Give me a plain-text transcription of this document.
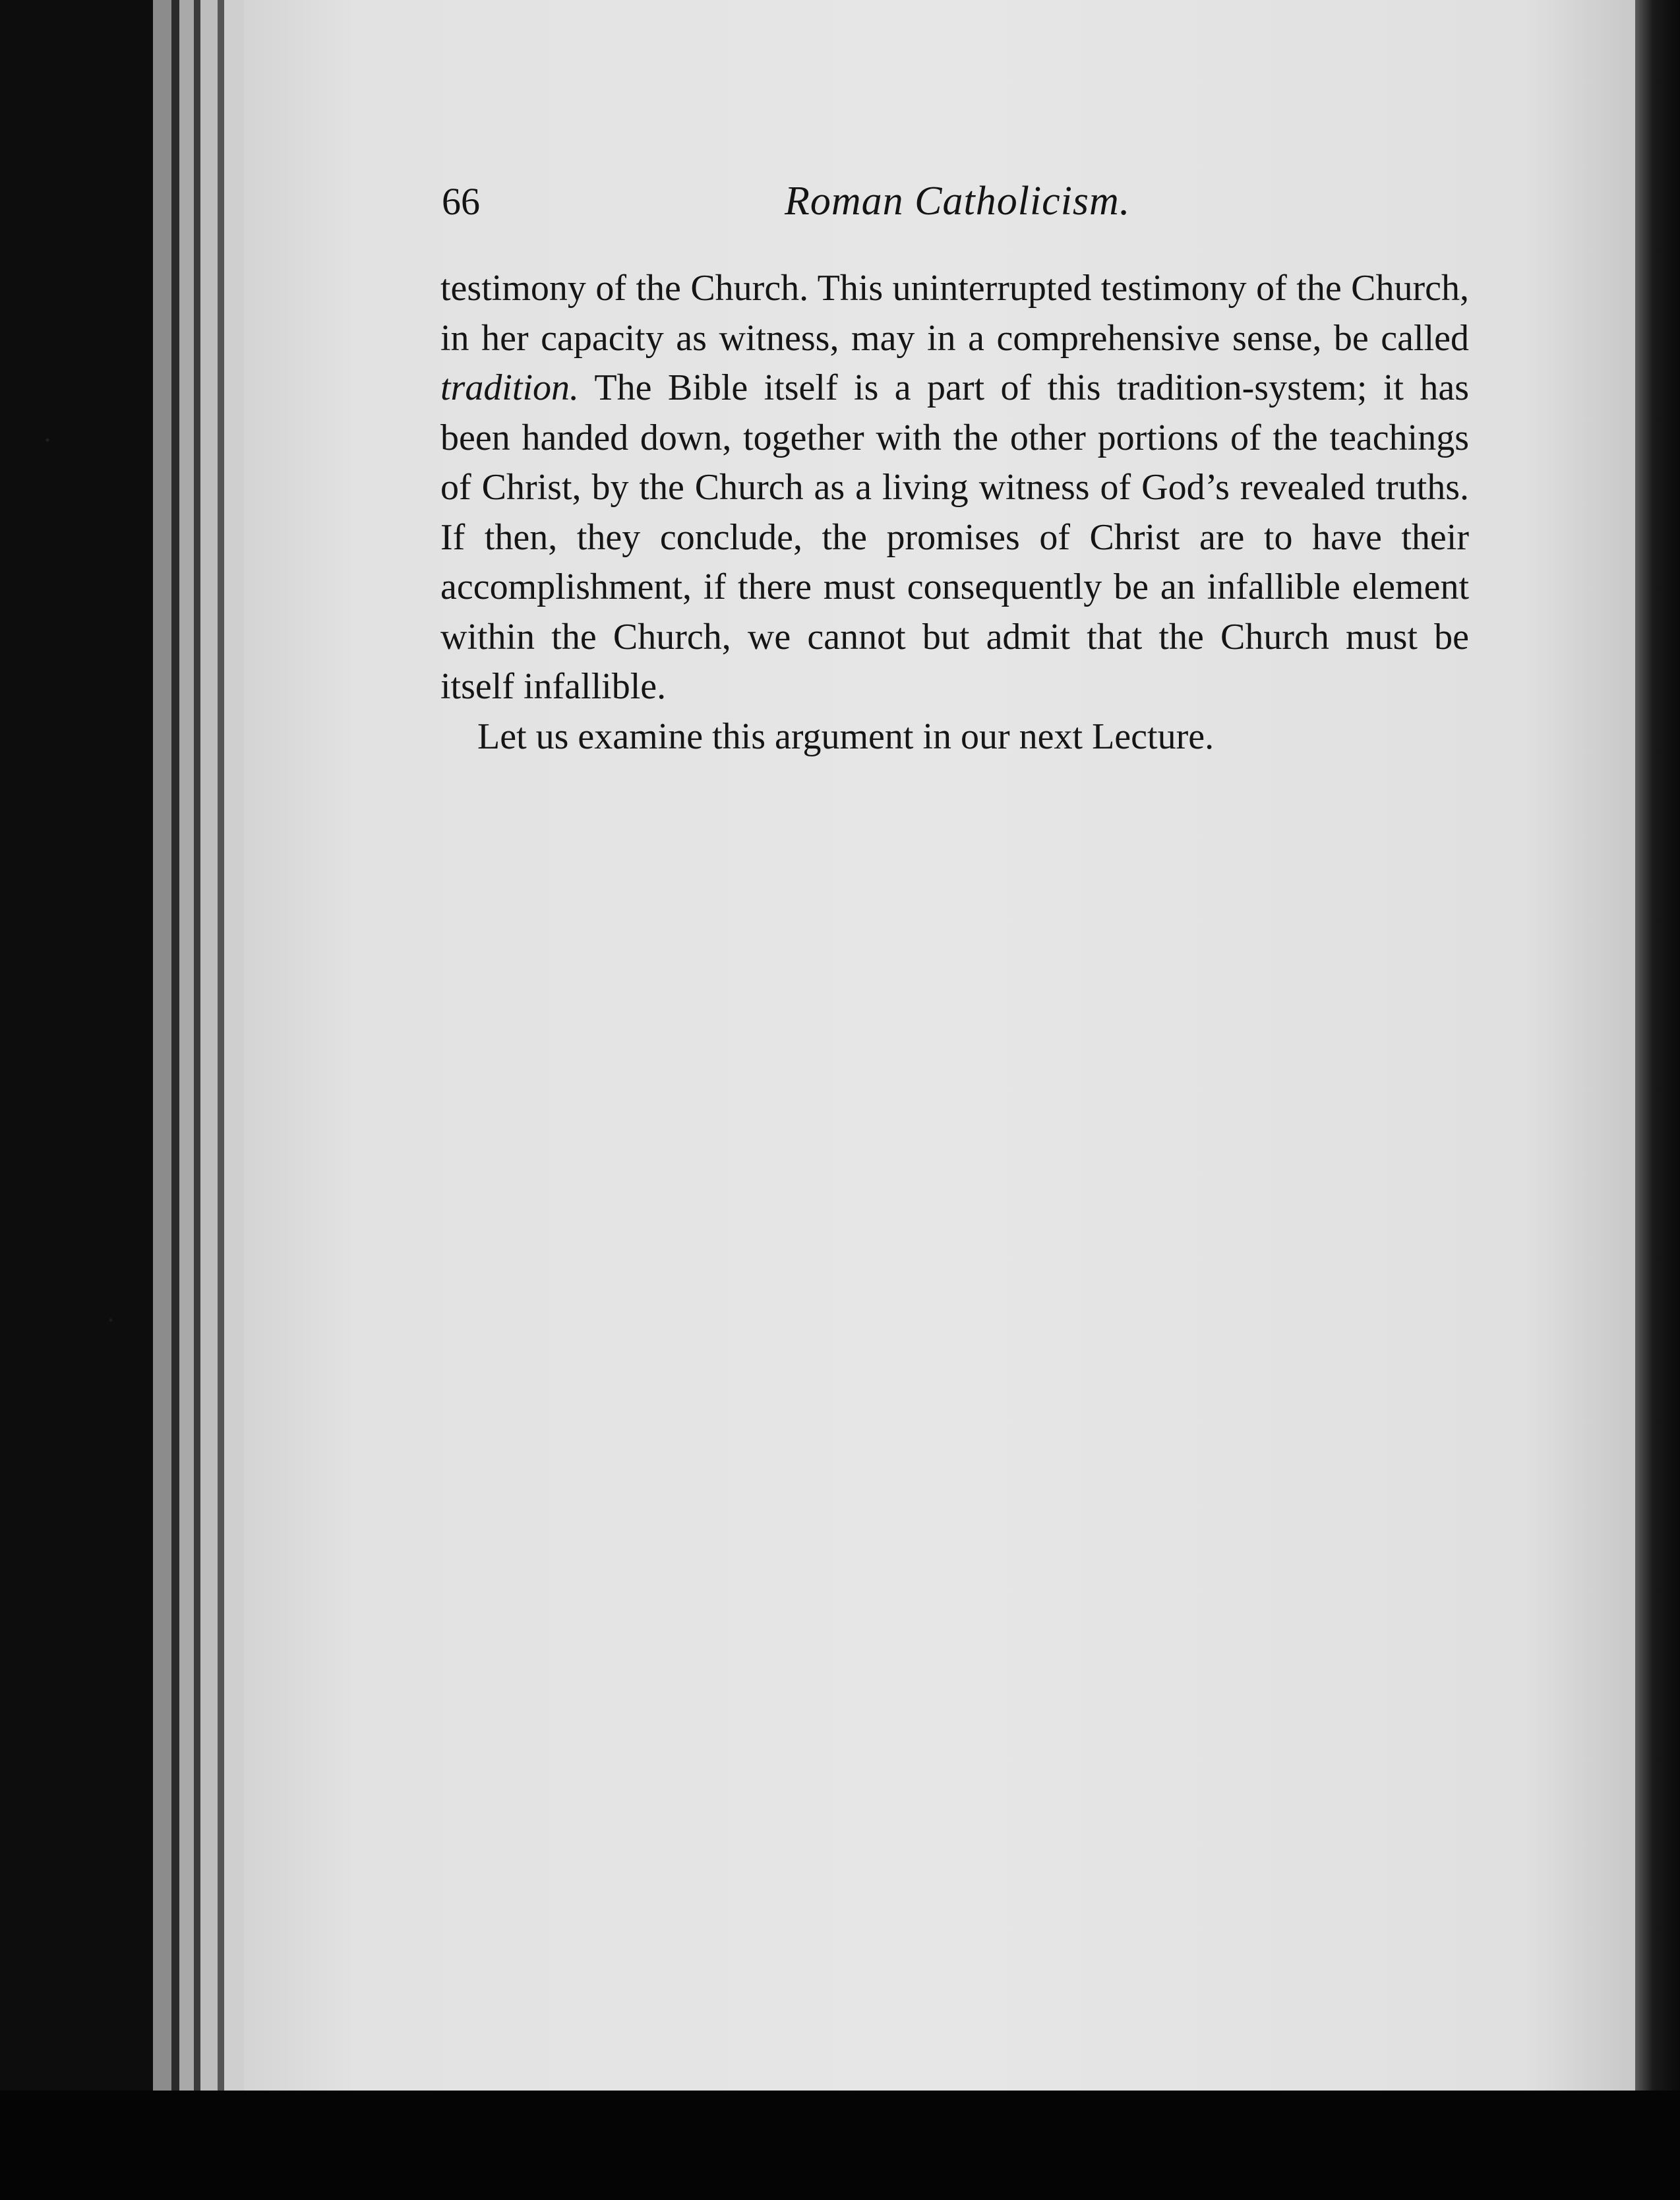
66	Roman Catholicism.

testimony of the Church. This uninterrupted testimony of the Church, in her capacity as witness, may in a comprehensive sense, be called tradition. The Bible itself is a part of this tradition-system; it has been handed down, together with the other portions of the teachings of Christ, by the Church as a living witness of God’s revealed truths. If then, they conclude, the promises of Christ are to have their accomplishment, if there must consequently be an infallible element within the Church, we cannot but admit that the Church must be itself infallible.

Let us examine this argument in our next Lecture.
